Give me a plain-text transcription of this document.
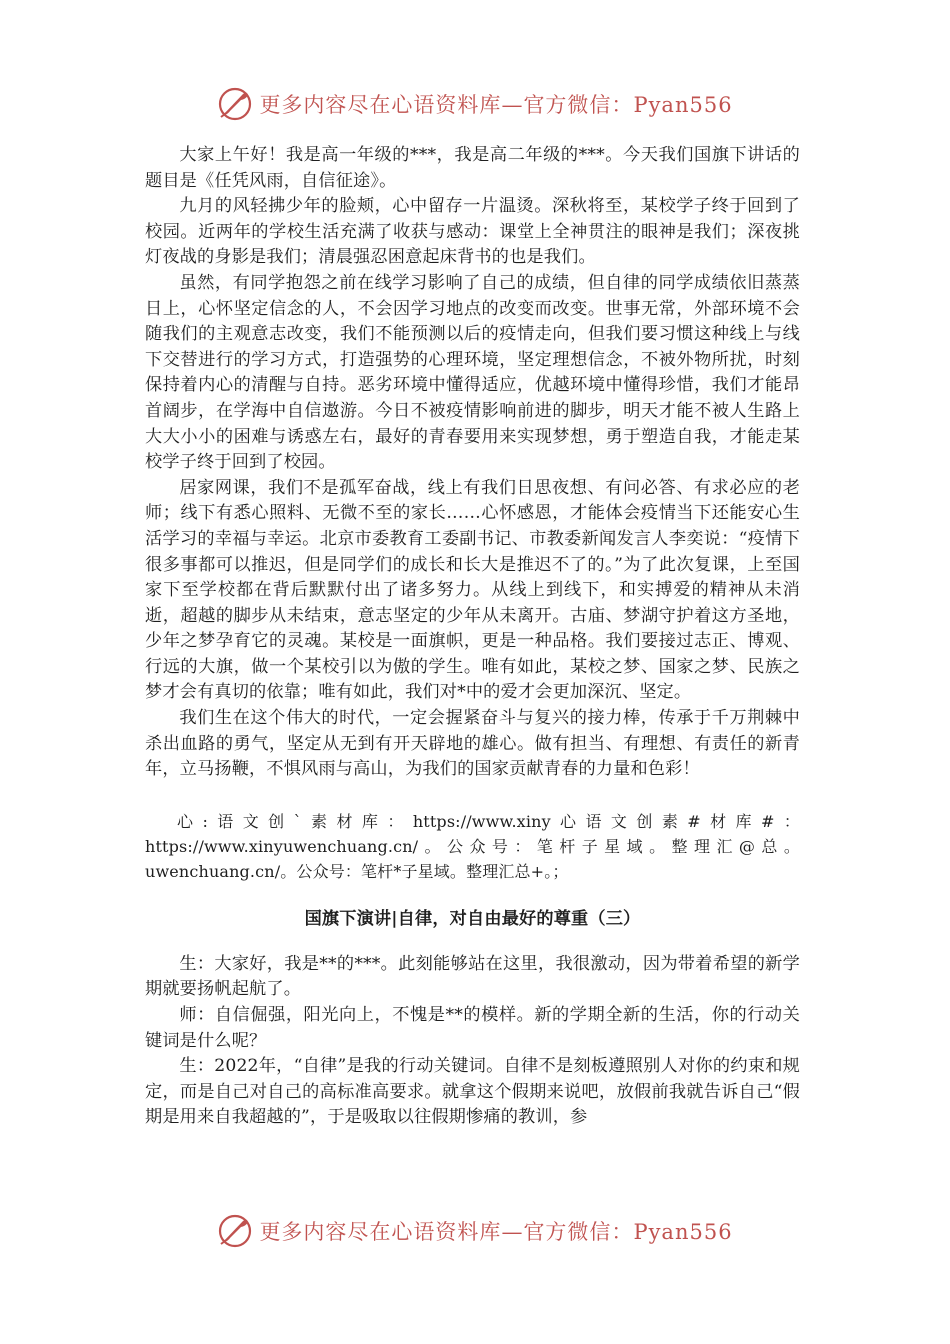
更多内容尽在心语资料库—官方微信：Pyan556

大家上午好！我是高一年级的***，我是高二年级的***。今天我们国旗下讲话的题目是《任凭风雨，自信征途》。

九月的风轻拂少年的脸颊，心中留存一片温烫。深秋将至，某校学子终于回到了校园。近两年的学校生活充满了收获与感动：课堂上全神贯注的眼神是我们；深夜挑灯夜战的身影是我们；清晨强忍困意起床背书的也是我们。

虽然，有同学抱怨之前在线学习影响了自己的成绩，但自律的同学成绩依旧蒸蒸日上，心怀坚定信念的人，不会因学习地点的改变而改变。世事无常，外部环境不会随我们的主观意志改变，我们不能预测以后的疫情走向，但我们要习惯这种线上与线下交替进行的学习方式，打造强势的心理环境，坚定理想信念，不被外物所扰，时刻保持着内心的清醒与自持。恶劣环境中懂得适应，优越环境中懂得珍惜，我们才能昂首阔步，在学海中自信遨游。今日不被疫情影响前进的脚步，明天才能不被人生路上大大小小的困难与诱惑左右，最好的青春要用来实现梦想，勇于塑造自我，才能走某校学子终于回到了校园。

居家网课，我们不是孤军奋战，线上有我们日思夜想、有问必答、有求必应的老师；线下有悉心照料、无微不至的家长……心怀感恩，才能体会疫情当下还能安心生活学习的幸福与幸运。北京市委教育工委副书记、市教委新闻发言人李奕说：“疫情下很多事都可以推迟，但是同学们的成长和长大是推迟不了的。”为了此次复课，上至国家下至学校都在背后默默付出了诸多努力。从线上到线下，和实搏爱的精神从未消逝，超越的脚步从未结束，意志坚定的少年从未离开。古庙、梦湖守护着这方圣地，少年之梦孕育它的灵魂。某校是一面旗帜，更是一种品格。我们要接过志正、博观、行远的大旗，做一个某校引以为傲的学生。唯有如此，某校之梦、国家之梦、民族之梦才会有真切的依靠；唯有如此，我们对*中的爱才会更加深沉、坚定。

我们生在这个伟大的时代，一定会握紧奋斗与复兴的接力棒，传承于千万荆棘中杀出血路的勇气，坚定从无到有开天辟地的雄心。做有担当、有理想、有责任的新青年，立马扬鞭，不惧风雨与高山，为我们的国家贡献青春的力量和色彩！

心:语文创`素材库：https://www.xiny心语文创素#材库#：https://www.xinyuwenchuang.cn/。公众号：笔杆子星域。整理汇@总。uwenchuang.cn/。公众号：笔杆*子星域。整理汇总+。；

国旗下演讲|自律，对自由最好的尊重（三）

生：大家好，我是**的***。此刻能够站在这里，我很激动，因为带着希望的新学期就要扬帆起航了。

师：自信倔强，阳光向上，不愧是**的模样。新的学期全新的生活，你的行动关键词是什么呢？

生：2022年，“自律”是我的行动关键词。自律不是刻板遵照别人对你的约束和规定，而是自己对自己的高标准高要求。就拿这个假期来说吧，放假前我就告诉自己“假期是用来自我超越的”，于是吸取以往假期惨痛的教训，参

更多内容尽在心语资料库—官方微信：Pyan556
